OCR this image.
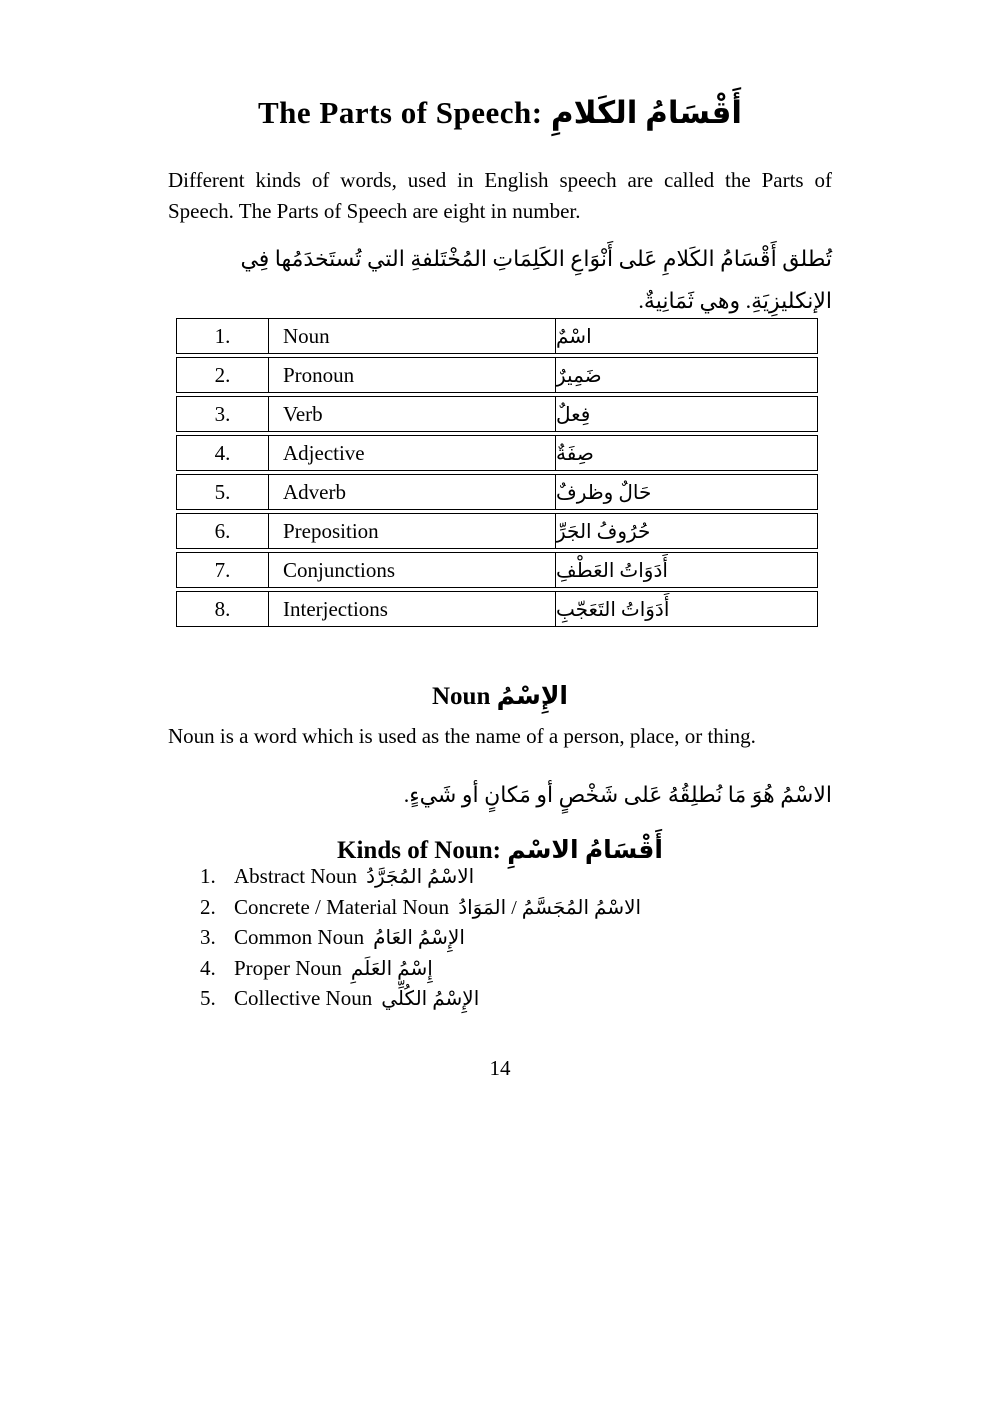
The Parts of Speech: أَقْسَامُ الكَلامِ

Different kinds of words, used in English speech are called the Parts of Speech. The Parts of Speech are eight in number.

تُطلق أَقْسَامُ الكَلامِ عَلى أَنْوَاعِ الكَلِمَاتِ المُخْتَلفةِ التي تُستَخدَمُها فِي الإنكليزِيَةِ. وهي ثَمَانِيةٌ.

1.	Noun	اسْمٌ
2.	Pronoun	ضَمِيرٌ
3.	Verb	فِعلٌ
4.	Adjective	صِفَةٌ
5.	Adverb	حَالٌ وظرفٌ
6.	Preposition	حُرُوفُ الجَرِّ
7.	Conjunctions	أَدَوَاتُ العَطْفِ
8.	Interjections	أَدَوَاتُ التَعَجّبِ
Noun الإِسْمُ

Noun is a word which is used as the name of a person, place, or thing.

الاسْمُ هُوَ مَا نُطلِقُهُ عَلى شَخْصٍ أو مَكانٍ أو شَيءٍ.

Kinds of Noun: أَقْسَامُ الاسْمِ
1. Abstract Noun الاسْمُ المُجَرَّدُ
2. Concrete / Material Noun الاسْمُ المُجَسَّمُ / المَوَادُ
3. Common Noun الإِسْمُ العَامُ
4. Proper Noun إِسْمُ العَلَمِ
5. Collective Noun الإِسْمُ الكُلِّي
14
